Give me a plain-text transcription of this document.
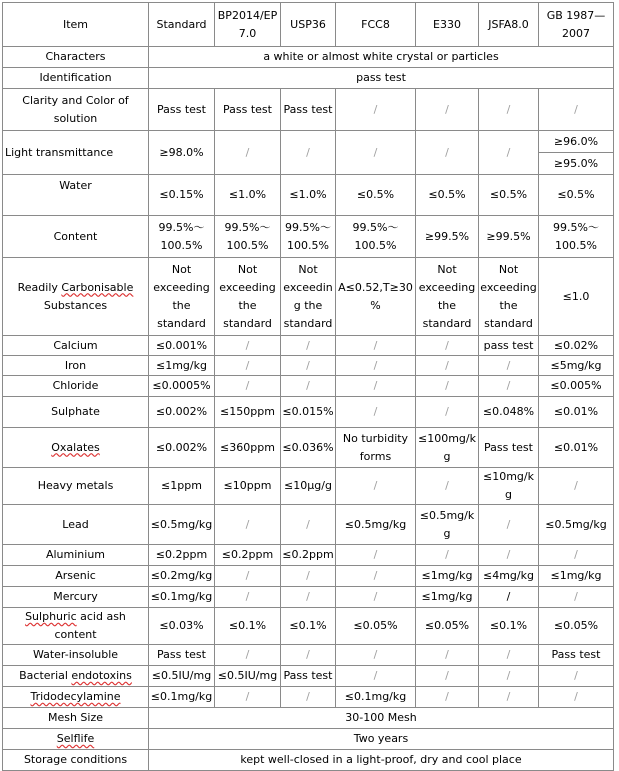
Item	Standard	BP2014/EP 7.0	USP36	FCC8	E330	JSFA8.0	GB 1987—2007
Characters	a white or almost white crystal or particles						
Identification	pass test						
Clarity and Color of solution	Pass test	Pass test	Pass test	/	/	/	/
Light transmittance	≥98.0%	/	/	/	/	/	≥96.0%
							≥95.0%
Water	≤0.15%	≤1.0%	≤1.0%	≤0.5%	≤0.5%	≤0.5%	≤0.5%
Content	99.5%～ 100.5%	99.5%～ 100.5%	99.5%～ 100.5%	99.5%～ 100.5%	≥99.5%	≥99.5%	99.5%～ 100.5%
Readily Carbonisable Substances	Not exceeding the standard	Not exceeding the standard	Not exceeding the standard	A≤0.52,T≥30 %	Not exceeding the standard	Not exceeding the standard	≤1.0
Calcium	≤0.001%	/	/	/	/	pass test	≤0.02%
Iron	≤1mg/kg	/	/	/	/	/	≤5mg/kg
Chloride	≤0.0005%	/	/	/	/	/	≤0.005%
Sulphate	≤0.002%	≤150ppm	≤0.015%	/	/	≤0.048%	≤0.01%
Oxalates	≤0.002%	≤360ppm	≤0.036%	No turbidity forms	≤100mg/k g	Pass test	≤0.01%
Heavy metals	≤1ppm	≤10ppm	≤10μg/g	/	/	≤10mg/kg	/
Lead	≤0.5mg/kg	/	/	≤0.5mg/kg	≤0.5mg/k g	/	≤0.5mg/kg
Aluminium	≤0.2ppm	≤0.2ppm	≤0.2ppm	/	/	/	/
Arsenic	≤0.2mg/kg	/	/	/	≤1mg/kg	≤4mg/kg	≤1mg/kg
Mercury	≤0.1mg/kg	/	/	/	≤1mg/kg	/	/
Sulphuric acid ash content	≤0.03%	≤0.1%	≤0.1%	≤0.05%	≤0.05%	≤0.1%	≤0.05%
Water-insoluble	Pass test	/	/	/	/	/	Pass test
Bacterial endotoxins	≤0.5IU/mg	≤0.5IU/mg	Pass test	/	/	/	/
Tridodecylamine	≤0.1mg/kg	/	/	≤0.1mg/kg	/	/	/
Mesh Size	30-100 Mesh						
Selflife	Two years						
Storage conditions	kept well-closed in a light-proof, dry and cool place						
